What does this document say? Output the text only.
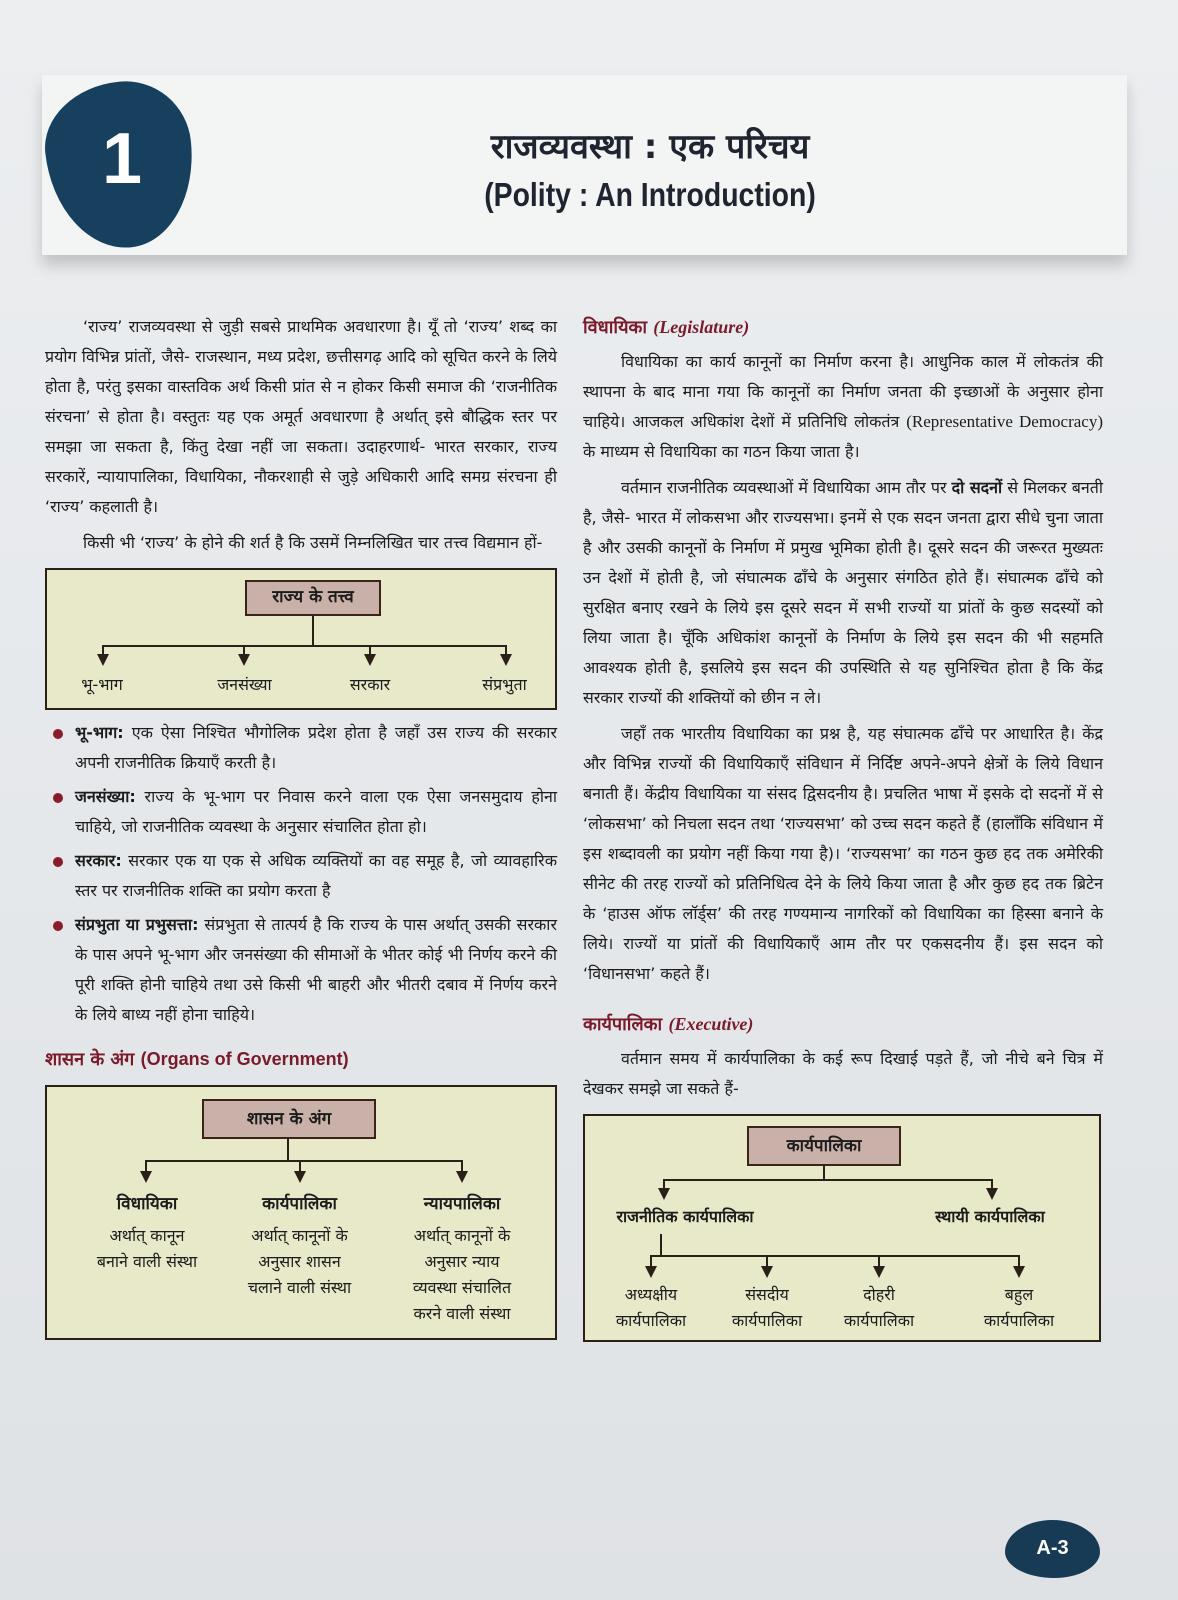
1	राजव्यवस्था : एक परिचय
(Polity : An Introduction)

‘राज्य’ राजव्यवस्था से जुड़ी सबसे प्राथमिक अवधारणा है। यूँ तो ‘राज्य’ शब्द का प्रयोग विभिन्न प्रांतों, जैसे- राजस्थान, मध्य प्रदेश, छत्तीसगढ़ आदि को सूचित करने के लिये होता है, परंतु इसका वास्तविक अर्थ किसी प्रांत से न होकर किसी समाज की ‘राजनीतिक संरचना’ से होता है। वस्तुतः यह एक अमूर्त अवधारणा है अर्थात् इसे बौद्धिक स्तर पर समझा जा सकता है, किंतु देखा नहीं जा सकता। उदाहरणार्थ- भारत सरकार, राज्य सरकारें, न्यायापालिका, विधायिका, नौकरशाही से जुड़े अधिकारी आदि समग्र संरचना ही ‘राज्य’ कहलाती है।

किसी भी ‘राज्य’ के होने की शर्त है कि उसमें निम्नलिखित चार तत्त्व विद्यमान हों-

राज्य के तत्त्व
भू-भाग	जनसंख्या	सरकार	संप्रभुता
भू-भाग: एक ऐसा निश्चित भौगोलिक प्रदेश होता है जहाँ उस राज्य की सरकार अपनी राजनीतिक क्रियाएँ करती है।
जनसंख्या: राज्य के भू-भाग पर निवास करने वाला एक ऐसा जनसमुदाय होना चाहिये, जो राजनीतिक व्यवस्था के अनुसार संचालित होता हो।
सरकार: सरकार एक या एक से अधिक व्यक्तियों का वह समूह है, जो व्यावहारिक स्तर पर राजनीतिक शक्ति का प्रयोग करता है
संप्रभुता या प्रभुसत्ता: संप्रभुता से तात्पर्य है कि राज्य के पास अर्थात् उसकी सरकार के पास अपने भू-भाग और जनसंख्या की सीमाओं के भीतर कोई भी निर्णय करने की पूरी शक्ति होनी चाहिये तथा उसे किसी भी बाहरी और भीतरी दबाव में निर्णय करने के लिये बाध्य नहीं होना चाहिये।
शासन के अंग (Organs of Government)
शासन के अंग
विधायिका
अर्थात् कानून
बनाने वाली संस्था
कार्यपालिका
अर्थात् कानूनों के
अनुसार शासन
चलाने वाली संस्था
न्यायपालिका
अर्थात् कानूनों के
अनुसार न्याय
व्यवस्था संचालित
करने वाली संस्था
विधायिका (Legislature)

विधायिका का कार्य कानूनों का निर्माण करना है। आधुनिक काल में लोकतंत्र की स्थापना के बाद माना गया कि कानूनों का निर्माण जनता की इच्छाओं के अनुसार होना चाहिये। आजकल अधिकांश देशों में प्रतिनिधि लोकतंत्र (Representative Democracy) के माध्यम से विधायिका का गठन किया जाता है।

वर्तमान राजनीतिक व्यवस्थाओं में विधायिका आम तौर पर दो सदनों से मिलकर बनती है, जैसे- भारत में लोकसभा और राज्यसभा। इनमें से एक सदन जनता द्वारा सीधे चुना जाता है और उसकी कानूनों के निर्माण में प्रमुख भूमिका होती है। दूसरे सदन की जरूरत मुख्यतः उन देशों में होती है, जो संघात्मक ढाँचे के अनुसार संगठित होते हैं। संघात्मक ढाँचे को सुरक्षित बनाए रखने के लिये इस दूसरे सदन में सभी राज्यों या प्रांतों के कुछ सदस्यों को लिया जाता है। चूँकि अधिकांश कानूनों के निर्माण के लिये इस सदन की भी सहमति आवश्यक होती है, इसलिये इस सदन की उपस्थिति से यह सुनिश्चित होता है कि केंद्र सरकार राज्यों की शक्तियों को छीन न ले।

जहाँ तक भारतीय विधायिका का प्रश्न है, यह संघात्मक ढाँचे पर आधारित है। केंद्र और विभिन्न राज्यों की विधायिकाएँ संविधान में निर्दिष्ट अपने-अपने क्षेत्रों के लिये विधान बनाती हैं। केंद्रीय विधायिका या संसद द्विसदनीय है। प्रचलित भाषा में इसके दो सदनों में से ‘लोकसभा’ को निचला सदन तथा ‘राज्यसभा’ को उच्च सदन कहते हैं (हालाँकि संविधान में इस शब्दावली का प्रयोग नहीं किया गया है)। ‘राज्यसभा’ का गठन कुछ हद तक अमेरिकी सीनेट की तरह राज्यों को प्रतिनिधित्व देने के लिये किया जाता है और कुछ हद तक ब्रिटेन के ‘हाउस ऑफ लॉर्ड्स’ की तरह गण्यमान्य नागरिकों को विधायिका का हिस्सा बनाने के लिये। राज्यों या प्रांतों की विधायिकाएँ आम तौर पर एकसदनीय हैं। इस सदन को ‘विधानसभा’ कहते हैं।

कार्यपालिका (Executive)

वर्तमान समय में कार्यपालिका के कई रूप दिखाई पड़ते हैं, जो नीचे बने चित्र में देखकर समझे जा सकते हैं-

कार्यपालिका
राजनीतिक कार्यपालिका	स्थायी कार्यपालिका
अध्यक्षीय
कार्यपालिका
संसदीय
कार्यपालिका
दोहरी
कार्यपालिका
बहुल
कार्यपालिका
A-3
